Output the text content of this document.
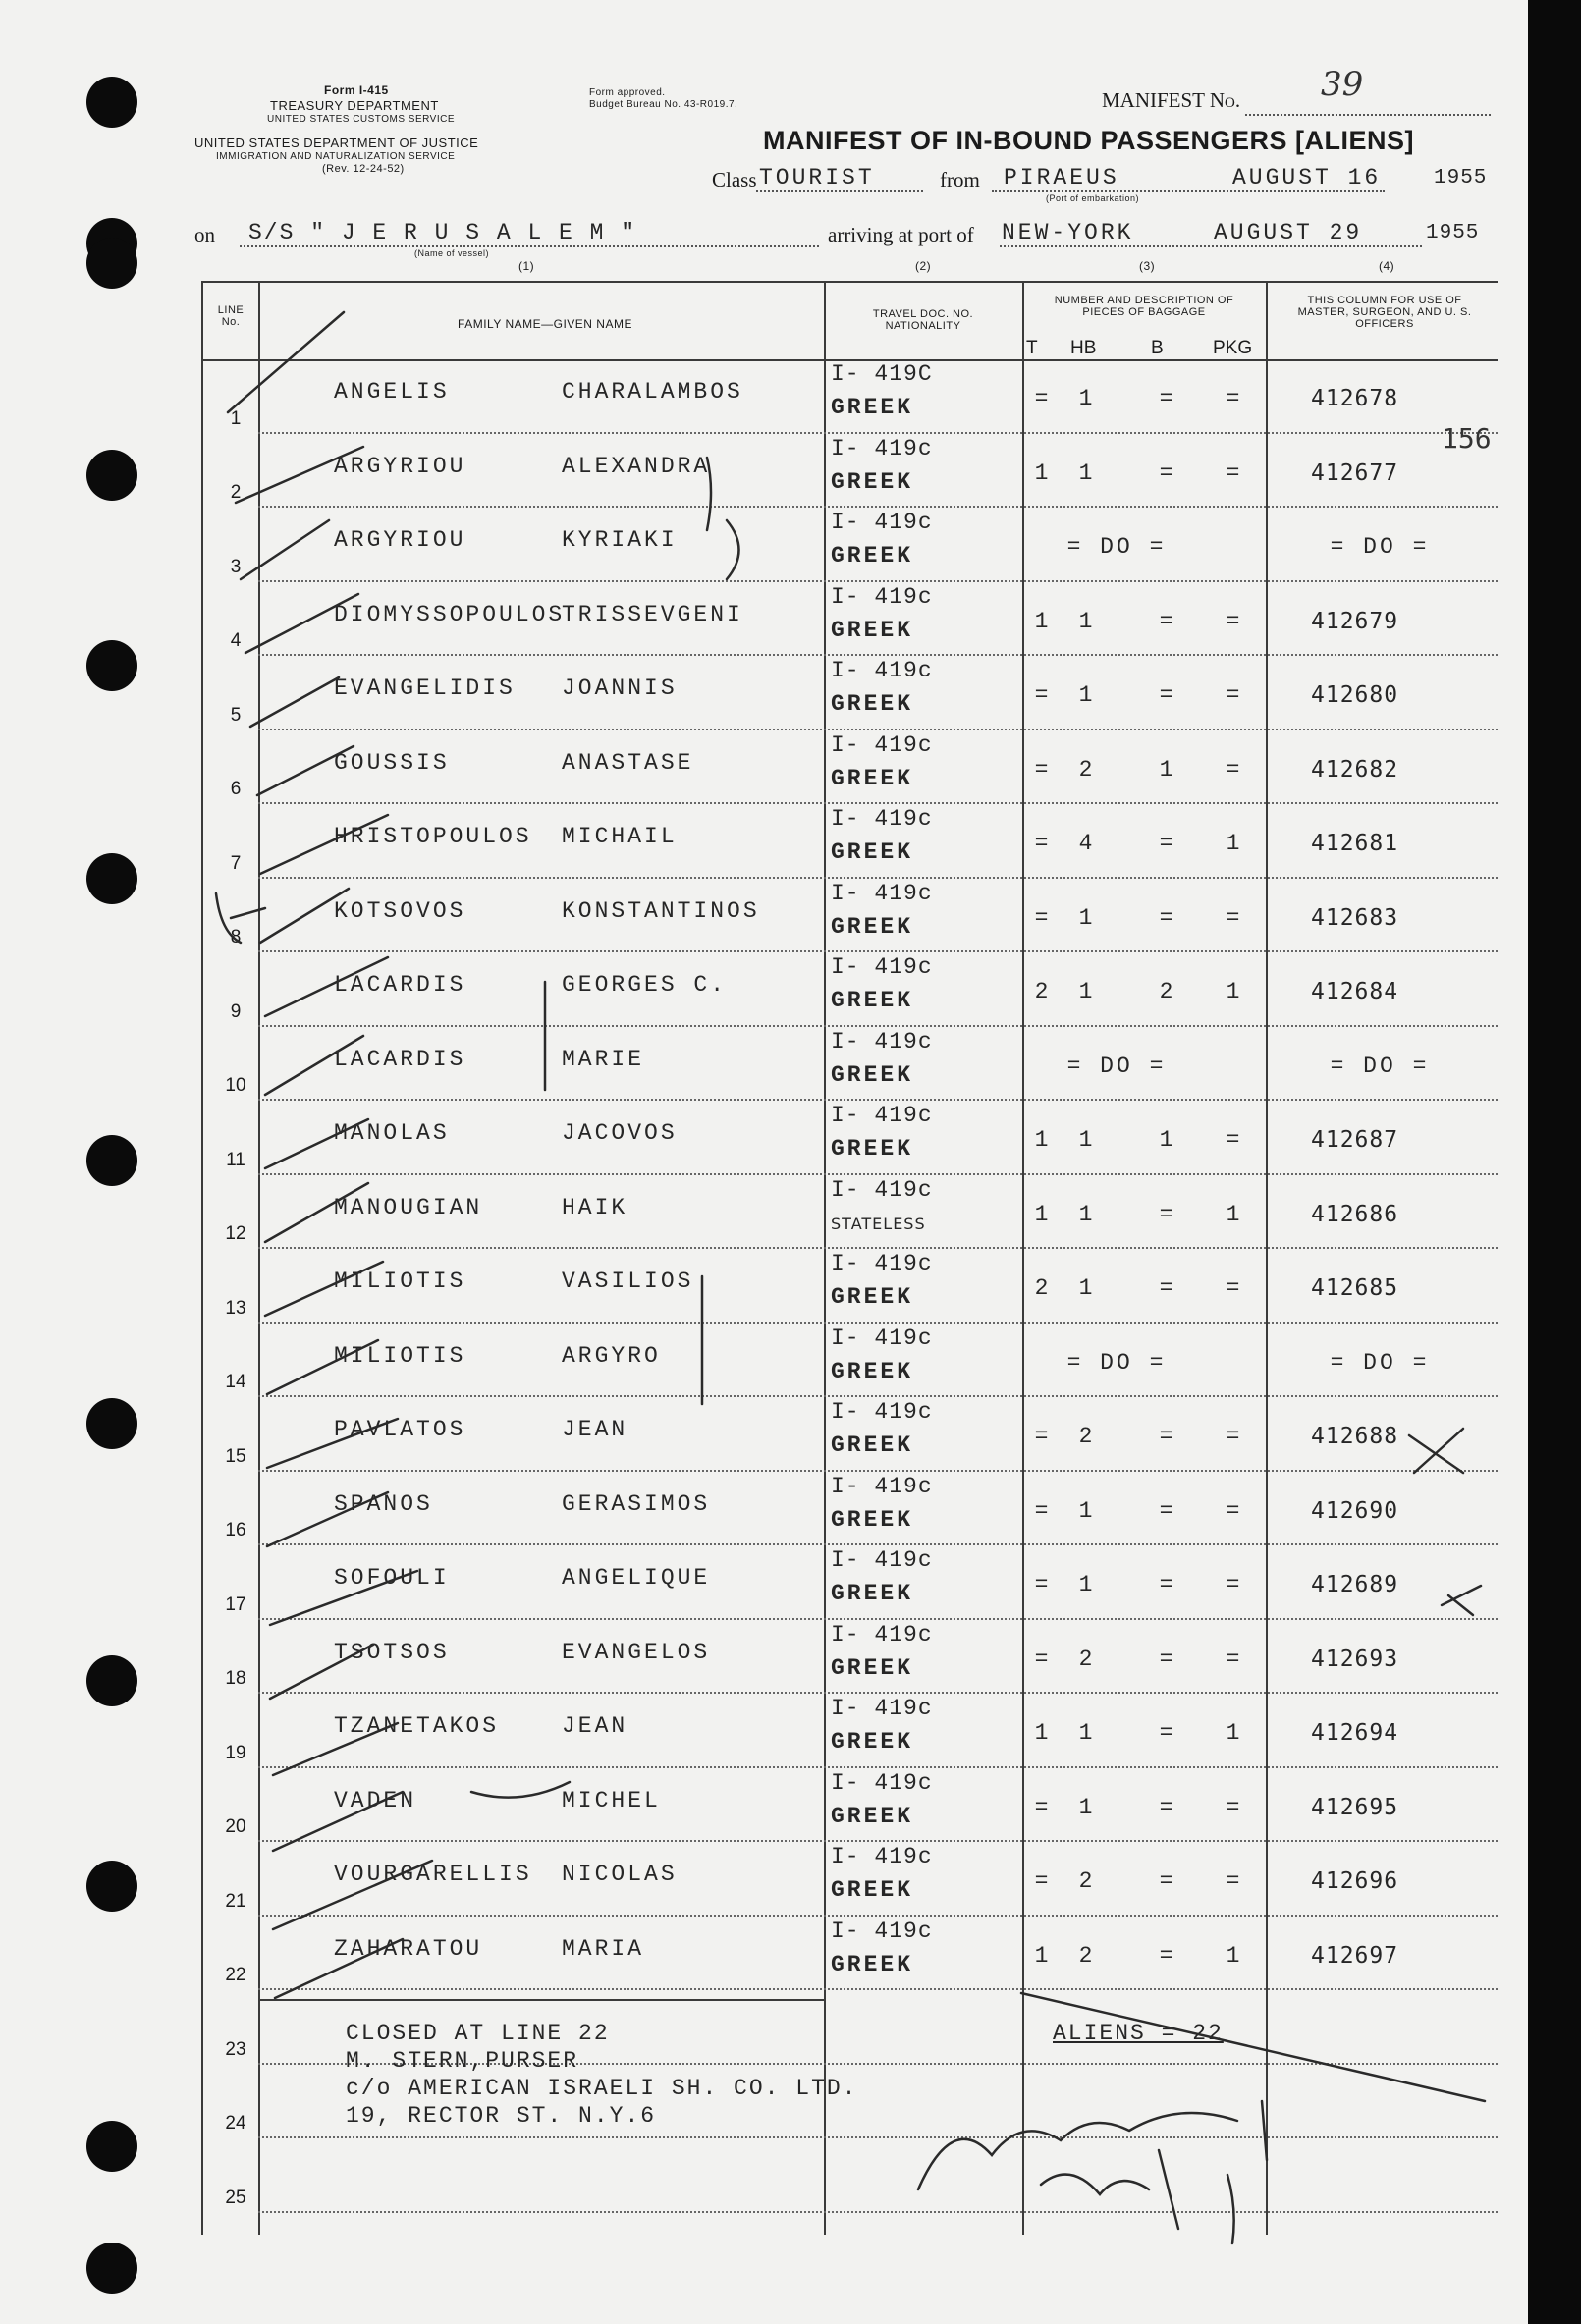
Form I-415
TREASURY DEPARTMENT
UNITED STATES CUSTOMS SERVICE
UNITED STATES DEPARTMENT OF JUSTICE
IMMIGRATION AND NATURALIZATION SERVICE
(Rev. 12-24-52)
Form approved.
Budget Bureau No. 43-R019.7.	MANIFEST No. 39
MANIFEST OF IN-BOUND PASSENGERS [ALIENS]
Class TOURIST	from PIRAEUS
(Port of embarkation)
AUGUST 16	1955
on S/S " J E R U S A L E M "
(Name of vessel)
arriving at port of NEW-YORK	AUGUST 29	1955
(1)	(2)	(3)	(4)
LINE No.	FAMILY NAME—GIVEN NAME
TRAVEL DOC. NO. NATIONALITY
NUMBER AND DESCRIPTION OF PIECES OF BAGGAGE
T HB	B	PKG
THIS COLUMN FOR USE OF MASTER, SURGEON, AND U. S. OFFICERS
1
ANGELIS	CHARALAMBOS
I- 419C
GREEK	=	1	=	=	412678
2
ARGYRIOU	ALEXANDRA
I- 419c
GREEK	1	1	=	=	412677
3
ARGYRIOU	KYRIAKI
I- 419c
GREEK	= DO =	= DO =
4
DIOMYSSOPOULOS
TRISSEVGENI
I- 419c
GREEK	1	1	=	=	412679
5
EVANGELIDIS JOANNIS
I- 419c
GREEK	=	1	=	=	412680
6
GOUSSIS	ANASTASE
I- 419c
GREEK	=	2	1	=	412682
7
HRISTOPOULOS MICHAIL
I- 419c
GREEK	=	4	=	1	412681
8
KOTSOVOS	KONSTANTINOS
I- 419c
GREEK	=	1	=	=	412683
9
LACARDIS	GEORGES C.
I- 419c
GREEK	2	1	2	1	412684
10
LACARDIS	MARIE
I- 419c
GREEK	= DO =	= DO =
11
MANOLAS	JACOVOS
I- 419c
GREEK	1	1	1	=	412687
12
MANOUGIAN	HAIK
I- 419c
STATELESS	1	1	=	1	412686
13
MILIOTIS	VASILIOS
I- 419c
GREEK	2	1	=	=	412685
14
MILIOTIS	ARGYRO
I- 419c
GREEK	= DO =	= DO =
15
PAVLATOS	JEAN
I- 419c
GREEK	=	2	=	=	412688
16
SPANOS	GERASIMOS
I- 419c
GREEK	=	1	=	=	412690
17
SOFOULI	ANGELIQUE
I- 419c
GREEK	=	1	=	=	412689
18
TSOTSOS	EVANGELOS
I- 419c
GREEK	=	2	=	=	412693
19
TZANETAKOS	JEAN
I- 419c
GREEK	1	1	=	1	412694
20
VADEN	MICHEL
I- 419c
GREEK	=	1	=	=	412695
21
VOURGARELLIS NICOLAS
I- 419c
GREEK	=	2	=	=	412696
22
ZAHARATOU	MARIA
I- 419c
GREEK	1	2	=	1	412697
23
24
25
156
CLOSED AT LINE 22
M. STERN,PURSER
c/o AMERICAN ISRAELI SH. CO. LTD.
19, RECTOR ST. N.Y.6
ALIENS = 22
